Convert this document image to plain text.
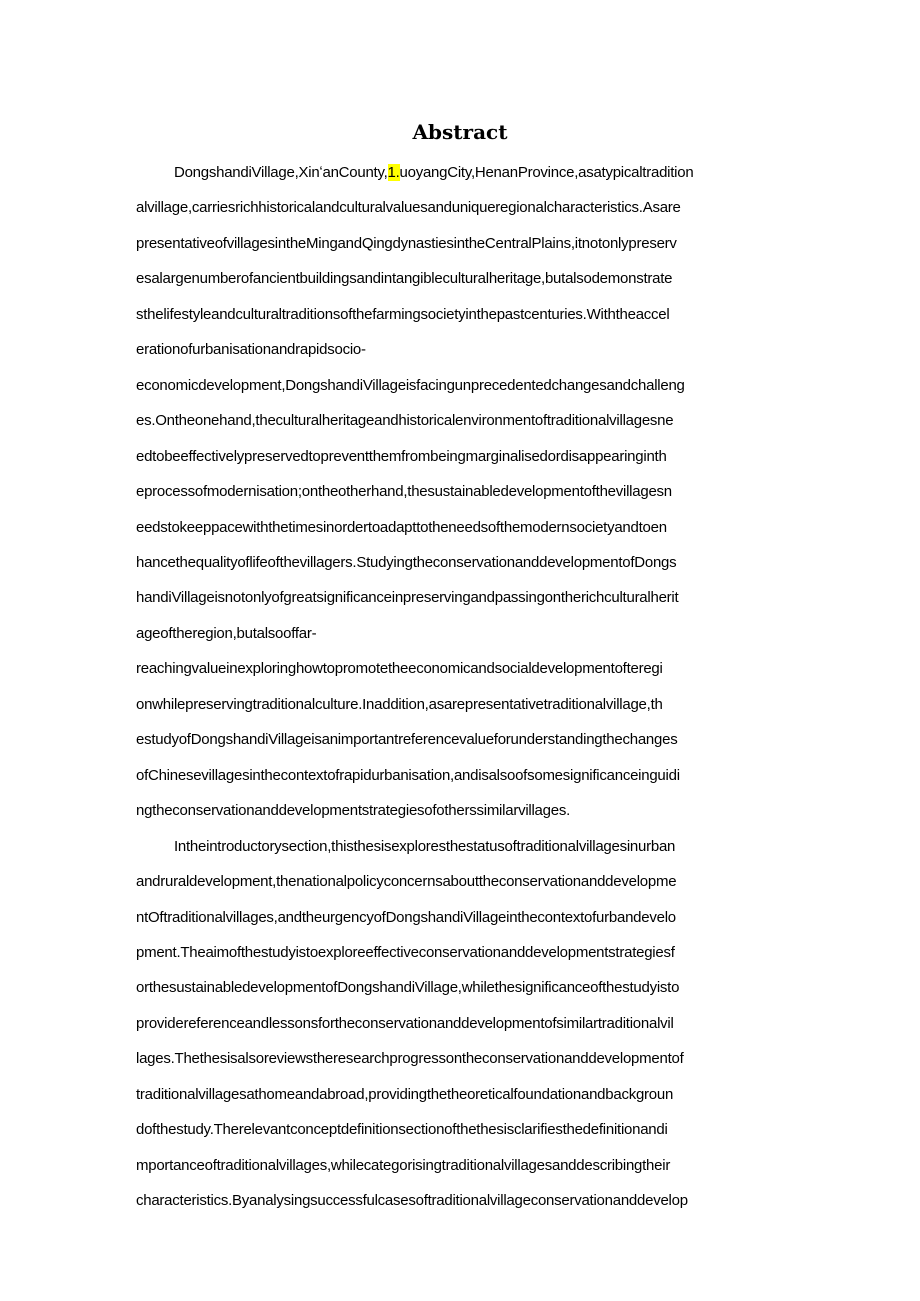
Abstract
DongshandiVillage,XinʻanCounty,1.uoyangCity,HenanProvince,asatypicaltradition
alvillage,carriesrichhistoricalandculturalvaluesanduniqueregionalcharacteristics.Asare
presentativeofvillagesintheMingandQingdynastiesintheCentralPlains,itnotonlypreserv
esalargenumberofancientbuildingsandintangibleculturalheritage,butalsodemonstrate
sthelifestyleandculturaltraditionsofthefarmingsocietyinthepastcenturies.Withtheaccel
erationofurbanisationandrapidsocio-
economicdevelopment,DongshandiVillageisfacingunprecedentedchangesandchalleng
es.Ontheonehand,theculturalheritageandhistoricalenvironmentoftraditionalvillagesne
edtobeeffectivelypreservedtopreventthemfrombeingmarginalisedordisappearinginth
eprocessofmodernisation;ontheotherhand,thesustainabledevelopmentofthevillagesn
eedstokeeppacewiththetimesinordertoadapttotheneedsofthemodernsocietyandtoen
hancethequalityoflifeofthevillagers.StudyingtheconservationanddevelopmentofDongs
handiVillageisnotonlyofgreatsignificanceinpreservingandpassingontherichculturalherit
ageoftheregion,butalsooffar-
reachingvalueinexploringhowtopromotetheeconomicandsocialdevelopmentofteregi
onwhilepreservingtraditionalculture.Inaddition,asarepresentativetraditionalvillage,th
estudyofDongshandiVillageisanimportantreferencevalueforunderstandingthechanges
ofChinesevillagesinthecontextofrapidurbanisation,andisalsoofsomesignificanceinguidi
ngtheconservationanddevelopmentstrategiesofotherssimilarvillages.
Intheintroductorysection,thisthesisexploresthestatusoftraditionalvillagesinurban
andruraldevelopment,thenationalpolicyconcernsabouttheconservationanddevelopme
ntOftraditionalvillages,andtheurgencyofDongshandiVillageinthecontextofurbandevelo
pment.Theaimofthestudyistoexploreeffectiveconservationanddevelopmentstrategiesf
orthesustainabledevelopmentofDongshandiVillage,whilethesignificanceofthestudyisto
providereferenceandlessonsfortheconservationanddevelopmentofsimilartraditionalvil
lages.Thethesisalsoreviewstheresearchprogressontheconservationanddevelopmentof
traditionalvillagesathomeandabroad,providingthetheoreticalfoundationandbackgroun
dofthestudy.Therelevantconceptdefinitionsectionofthethesisclarifiesthedefinitionandi
mportanceoftraditionalvillages,whilecategorisingtraditionalvillagesanddescribingtheir
characteristics.Byanalysingsuccessfulcasesoftraditionalvillageconservationanddevelop
